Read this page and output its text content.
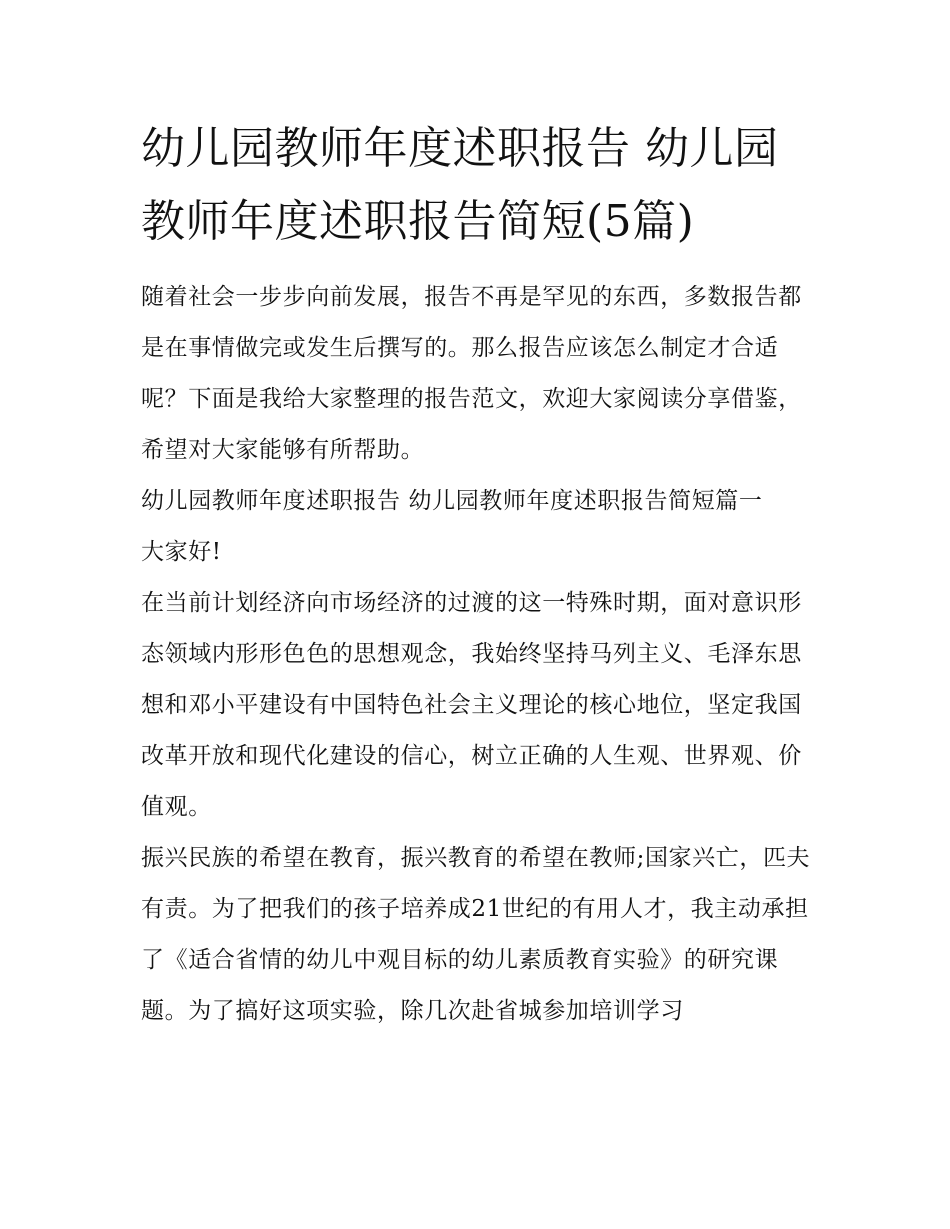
幼儿园教师年度述职报告 幼儿园教师年度述职报告简短(5篇)

随着社会一步步向前发展，报告不再是罕见的东西，多数报告都是在事情做完或发生后撰写的。那么报告应该怎么制定才合适呢？下面是我给大家整理的报告范文，欢迎大家阅读分享借鉴，希望对大家能够有所帮助。

幼儿园教师年度述职报告 幼儿园教师年度述职报告简短篇一

大家好!

在当前计划经济向市场经济的过渡的这一特殊时期，面对意识形态领域内形形色色的思想观念，我始终坚持马列主义、毛泽东思想和邓小平建设有中国特色社会主义理论的核心地位，坚定我国改革开放和现代化建设的信心，树立正确的人生观、世界观、价值观。

振兴民族的希望在教育，振兴教育的希望在教师;国家兴亡，匹夫有责。为了把我们的孩子培养成21世纪的有用人才，我主动承担了《适合省情的幼儿中观目标的幼儿素质教育实验》的研究课题。为了搞好这项实验，除几次赴省城参加培训学习
